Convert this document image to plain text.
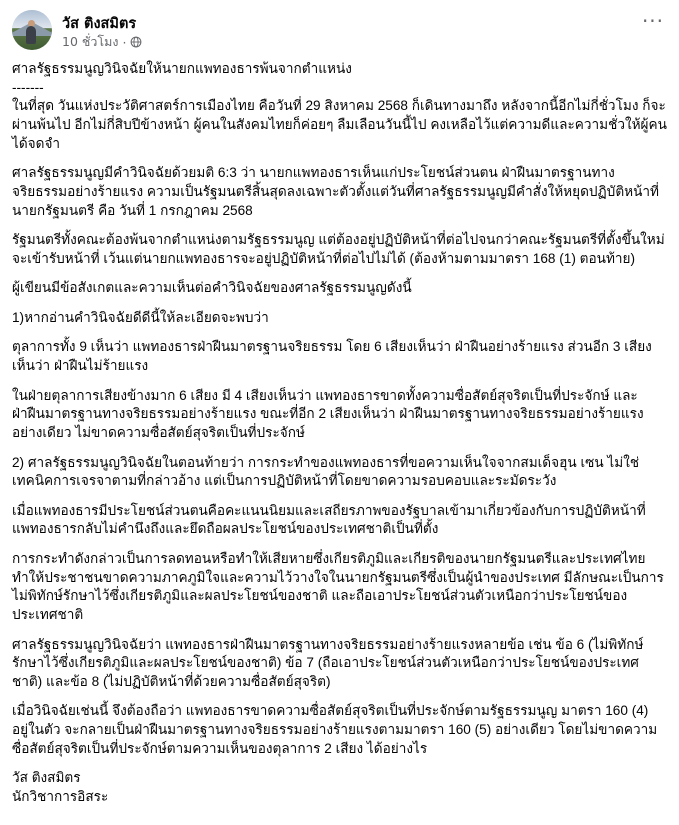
วัส ติงสมิตร
10 ชั่วโมง ·
···

ศาลรัฐธรรมนูญวินิจฉัยให้นายกแพทองธารพ้นจากตำแหน่ง

-------

ในที่สุด วันแห่งประวัติศาสตร์การเมืองไทย คือวันที่ 29 สิงหาคม 2568 ก็เดินทางมาถึง หลังจากนี้อีกไม่กี่ชั่วโมง ก็จะผ่านพ้นไป อีกไม่กี่สิบปีข้างหน้า ผู้คนในสังคมไทยก็ค่อยๆ ลืมเลือนวันนี้ไป คงเหลือไว้แต่ความดีและความชั่วให้ผู้คนได้จดจำ

ศาลรัฐธรรมนูญมีคำวินิจฉัยด้วยมติ 6:3 ว่า นายกแพทองธารเห็นแก่ประโยชน์ส่วนตน ฝ่าฝืนมาตรฐานทางจริยธรรมอย่างร้ายแรง ความเป็นรัฐมนตรีสิ้นสุดลงเฉพาะตัวตั้งแต่วันที่ศาลรัฐธรรมนูญมีคำสั่งให้หยุดปฏิบัติหน้าที่นายกรัฐมนตรี คือ วันที่ 1 กรกฎาคม 2568

รัฐมนตรีทั้งคณะต้องพ้นจากตำแหน่งตามรัฐธรรมนูญ แต่ต้องอยู่ปฏิบัติหน้าที่ต่อไปจนกว่าคณะรัฐมนตรีที่ตั้งขึ้นใหม่จะเข้ารับหน้าที่ เว้นแต่นายกแพทองธารจะอยู่ปฏิบัติหน้าที่ต่อไปไม่ได้ (ต้องห้ามตามมาตรา 168 (1) ตอนท้าย)

ผู้เขียนมีข้อสังเกตและความเห็นต่อคำวินิจฉัยของศาลรัฐธรรมนูญดังนี้

1)หากอ่านคำวินิจฉัยดีดีนี้ให้ละเอียดจะพบว่า

ตุลาการทั้ง 9 เห็นว่า แพทองธารฝ่าฝืนมาตรฐานจริยธรรม โดย 6 เสียงเห็นว่า ฝ่าฝืนอย่างร้ายแรง ส่วนอีก 3 เสียงเห็นว่า ฝ่าฝืนไม่ร้ายแรง

ในฝ่ายตุลาการเสียงข้างมาก 6 เสียง มี 4 เสียงเห็นว่า แพทองธารขาดทั้งความซื่อสัตย์สุจริตเป็นที่ประจักษ์ และฝ่าฝืนมาตรฐานทางจริยธรรมอย่างร้ายแรง ขณะที่อีก 2 เสียงเห็นว่า ฝ่าฝืนมาตรฐานทางจริยธรรมอย่างร้ายแรงอย่างเดียว ไม่ขาดความซื่อสัตย์สุจริตเป็นที่ประจักษ์

2) ศาลรัฐธรรมนูญวินิจฉัยในตอนท้ายว่า การกระทำของแพทองธารที่ขอความเห็นใจจากสมเด็จฮุน เซน ไม่ใช่เทคนิคการเจรจาตามที่กล่าวอ้าง แต่เป็นการปฏิบัติหน้าที่โดยขาดความรอบคอบและระมัดระวัง

เมื่อแพทองธารมีประโยชน์ส่วนตนคือคะแนนนิยมและเสถียรภาพของรัฐบาลเข้ามาเกี่ยวข้องกับการปฏิบัติหน้าที่ แพทองธารกลับไม่คำนึงถึงและยึดถือผลประโยชน์ของประเทศชาติเป็นที่ตั้ง

การกระทำดังกล่าวเป็นการลดทอนหรือทำให้เสียหายซึ่งเกียรติภูมิและเกียรติของนายกรัฐมนตรีและประเทศไทย ทำให้ประชาชนขาดความภาคภูมิใจและความไว้วางใจในนายกรัฐมนตรีซึ่งเป็นผู้นำของประเทศ มีลักษณะเป็นการไม่พิทักษ์รักษาไว้ซึ่งเกียรติภูมิและผลประโยชน์ของชาติ และถือเอาประโยชน์ส่วนตัวเหนือกว่าประโยชน์ของประเทศชาติ

ศาลรัฐธรรมนูญวินิจฉัยว่า แพทองธารฝ่าฝืนมาตรฐานทางจริยธรรมอย่างร้ายแรงหลายข้อ เช่น ข้อ 6 (ไม่พิทักษ์รักษาไว้ซึ่งเกียรติภูมิและผลประโยชน์ของชาติ) ข้อ 7 (ถือเอาประโยชน์ส่วนตัวเหนือกว่าประโยชน์ของประเทศชาติ) และข้อ 8 (ไม่ปฏิบัติหน้าที่ด้วยความซื่อสัตย์สุจริต)

เมื่อวินิจฉัยเช่นนี้ จึงต้องถือว่า แพทองธารขาดความซื่อสัตย์สุจริตเป็นที่ประจักษ์ตามรัฐธรรมนูญ มาตรา 160 (4) อยู่ในตัว จะกลายเป็นฝ่าฝืนมาตรฐานทางจริยธรรมอย่างร้ายแรงตามมาตรา 160 (5) อย่างเดียว โดยไม่ขาดความซื่อสัตย์สุจริตเป็นที่ประจักษ์ตามความเห็นของตุลาการ 2 เสียง ได้อย่างไร

วัส ติงสมิตร

นักวิชาการอิสระ
